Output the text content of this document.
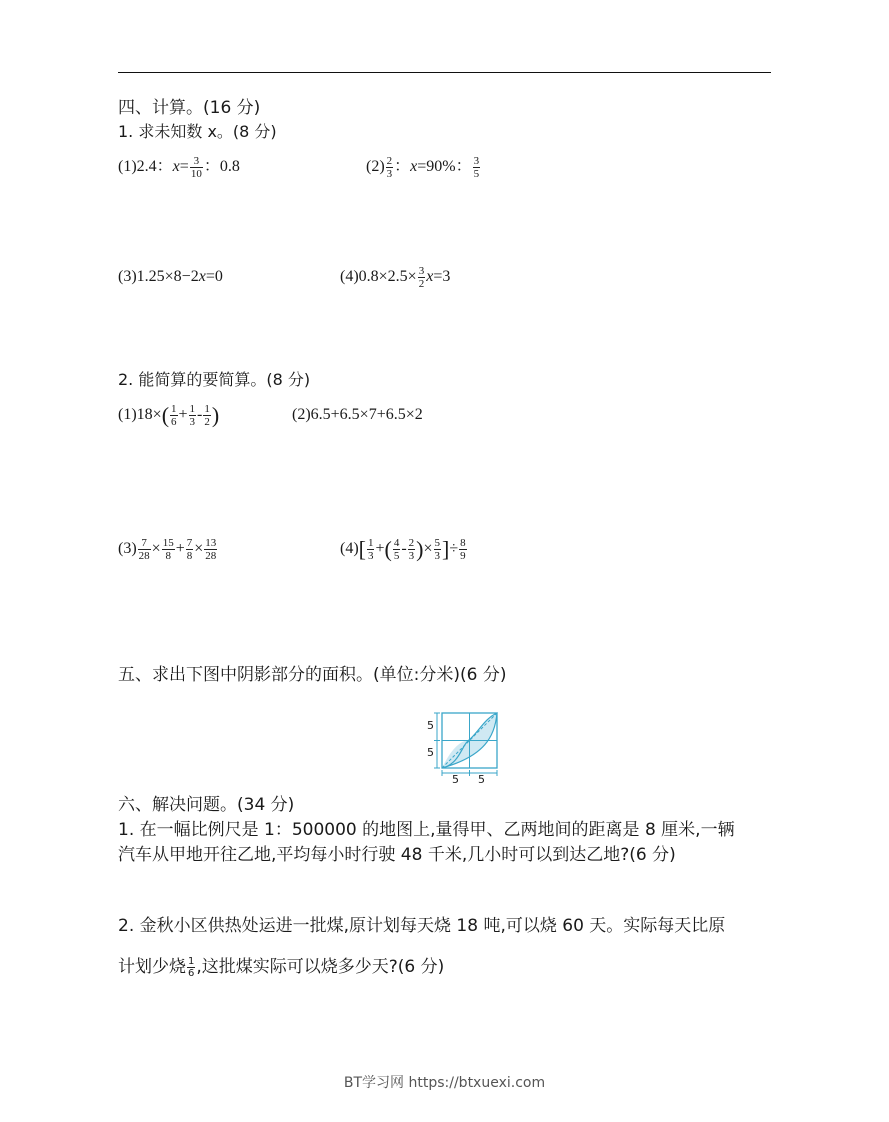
四、计算。(16 分)
1. 求未知数 x。(8 分)
(1)2.4：$x= \frac{3}{10}$ ：0.8	$(2) \frac{2}{3}$ ：x=90%： $\frac{3}{5}$
(3)1.25×8−2x=0	$(4)0.8\times 2.5\times \frac{3}{2} x=3$
2. 能简算的要简算。(8 分)
$(1)18\times( \frac{1}{6} + \frac{1}{3} - \frac{1}{2}$ )	(2)6.5+6.5×7+6.5×2
$(3) \frac{7}{28} \times \frac{15}{8} + \frac{7}{8} \times \frac{13}{28}$	$(4)[ \frac{1}{3}$ +( $\frac{4}{5} - \frac{2}{3}$ )× $\frac{5}{3}$ ]÷ $\frac{8}{9}$
五、求出下图中阴影部分的面积。(单位:分米)(6 分)
5
5
5 5
六、解决问题。(34 分)
1. 在一幅比例尺是 1：500000 的地图上,量得甲、乙两地间的距离是 8 厘米,一辆
汽车从甲地开往乙地,平均每小时行驶 48 千米,几小时可以到达乙地?(6 分)
2. 金秋小区供热处运进一批煤,原计划每天烧 18 吨,可以烧 60 天。实际每天比原
计划少烧 $\frac{1}{6}$ ,这批煤实际可以烧多少天?(6 分)
BT学习网 https://btxuexi.com
